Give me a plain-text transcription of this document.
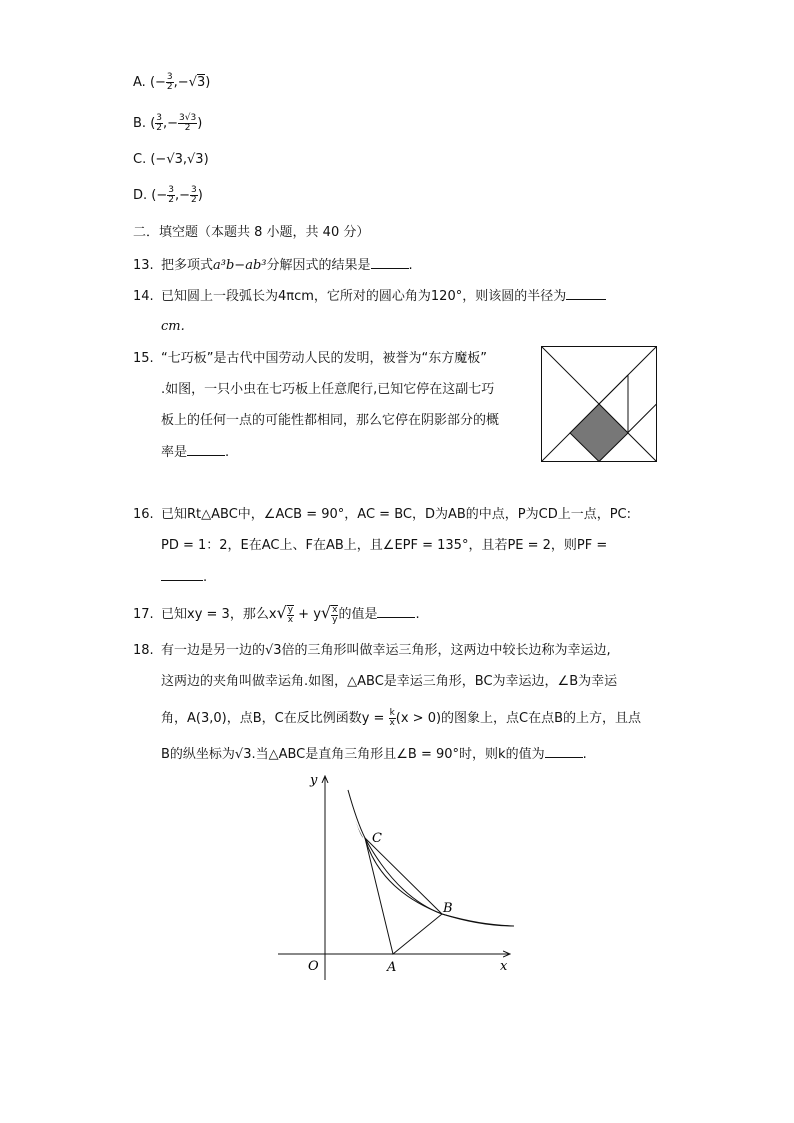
A. (− $\frac{3}{2} ,-√3$)
B. ( $\frac{3}{2}$ ,− $\frac{3√3}{2}$ )
C. (−√3,√3)
D. (− $\frac{3}{2}$ ,− $\frac{3}{2}$ )
二．填空题（本题共 8 小题，共 40 分）
13. 把多项式a³b−ab³分解因式的结果是	.
14. 已知圆上一段弧长为4πcm，它所对的圆心角为120°，则该圆的半径为
cm.
15. “七巧板”是古代中国劳动人民的发明，被誉为“东方魔板”
.如图，一只小虫在七巧板上任意爬行,已知它停在这副七巧
板上的任何一点的可能性都相同，那么它停在阴影部分的概
率是	.
16. 已知Rt△ABC中，∠ACB = 90°，AC = BC，D为AB的中点，P为CD上一点，PC:
PD = 1：2，E在AC上、F在AB上，且∠EPF = 135°，且若PE = 2，则PF =
.
17. 已知xy = 3，那么$x√ \frac{y}{x} + y√ \frac{x}{y}$ 的值是	.
18. 有一边是另一边的√3倍的三角形叫做幸运三角形，这两边中较长边称为幸运边,
这两边的夹角叫做幸运角.如图，△ABC是幸运三角形，BC为幸运边，∠B为幸运
角，A(3,0)，点B，C在反比例函数$y = \frac{k}{x} (x > 0)$的图象上，点C在点B的上方，且点
B的纵坐标为√3.当△ABC是直角三角形且∠B = 90°时，则k的值为	.
y
x
O	A
B
C
